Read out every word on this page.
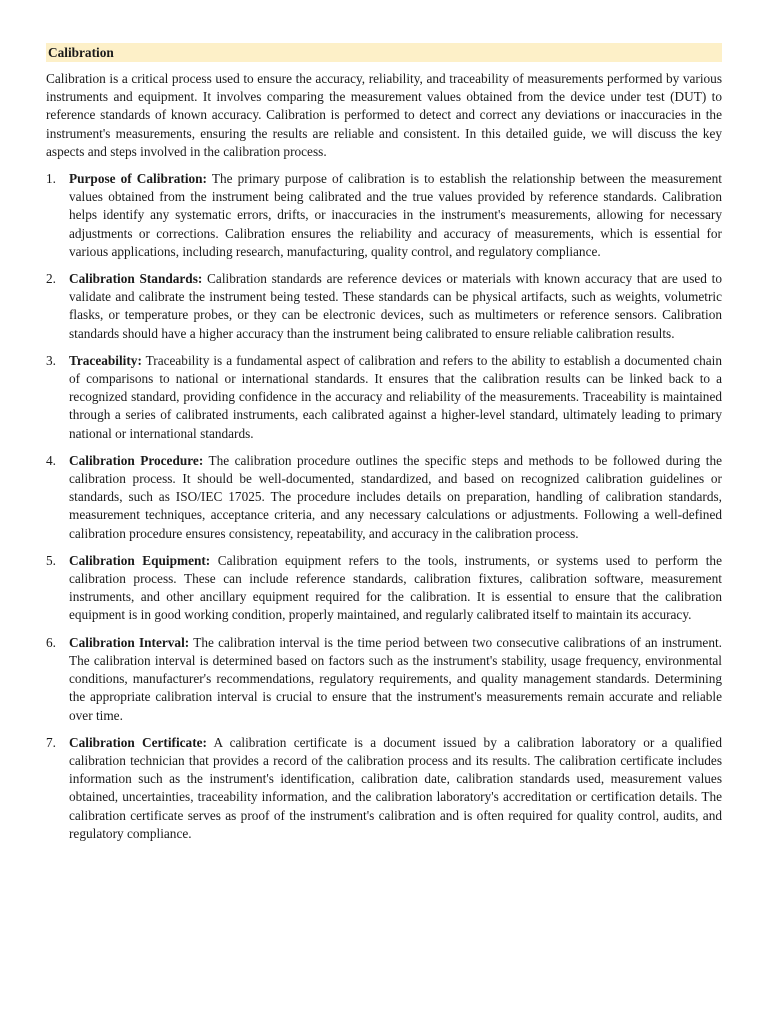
Calibration

Calibration is a critical process used to ensure the accuracy, reliability, and traceability of measurements performed by various instruments and equipment. It involves comparing the measurement values obtained from the device under test (DUT) to reference standards of known accuracy. Calibration is performed to detect and correct any deviations or inaccuracies in the instrument's measurements, ensuring the results are reliable and consistent. In this detailed guide, we will discuss the key aspects and steps involved in the calibration process.

1. Purpose of Calibration: The primary purpose of calibration is to establish the relationship between the measurement values obtained from the instrument being calibrated and the true values provided by reference standards. Calibration helps identify any systematic errors, drifts, or inaccuracies in the instrument's measurements, allowing for necessary adjustments or corrections. Calibration ensures the reliability and accuracy of measurements, which is essential for various applications, including research, manufacturing, quality control, and regulatory compliance.
2. Calibration Standards: Calibration standards are reference devices or materials with known accuracy that are used to validate and calibrate the instrument being tested. These standards can be physical artifacts, such as weights, volumetric flasks, or temperature probes, or they can be electronic devices, such as multimeters or reference sensors. Calibration standards should have a higher accuracy than the instrument being calibrated to ensure reliable calibration results.
3. Traceability: Traceability is a fundamental aspect of calibration and refers to the ability to establish a documented chain of comparisons to national or international standards. It ensures that the calibration results can be linked back to a recognized standard, providing confidence in the accuracy and reliability of the measurements. Traceability is maintained through a series of calibrated instruments, each calibrated against a higher-level standard, ultimately leading to primary national or international standards.
4. Calibration Procedure: The calibration procedure outlines the specific steps and methods to be followed during the calibration process. It should be well-documented, standardized, and based on recognized calibration guidelines or standards, such as ISO/IEC 17025. The procedure includes details on preparation, handling of calibration standards, measurement techniques, acceptance criteria, and any necessary calculations or adjustments. Following a well-defined calibration procedure ensures consistency, repeatability, and accuracy in the calibration process.
5. Calibration Equipment: Calibration equipment refers to the tools, instruments, or systems used to perform the calibration process. These can include reference standards, calibration fixtures, calibration software, measurement instruments, and other ancillary equipment required for the calibration. It is essential to ensure that the calibration equipment is in good working condition, properly maintained, and regularly calibrated itself to maintain its accuracy.
6. Calibration Interval: The calibration interval is the time period between two consecutive calibrations of an instrument. The calibration interval is determined based on factors such as the instrument's stability, usage frequency, environmental conditions, manufacturer's recommendations, regulatory requirements, and quality management standards. Determining the appropriate calibration interval is crucial to ensure that the instrument's measurements remain accurate and reliable over time.
7. Calibration Certificate: A calibration certificate is a document issued by a calibration laboratory or a qualified calibration technician that provides a record of the calibration process and its results. The calibration certificate includes information such as the instrument's identification, calibration date, calibration standards used, measurement values obtained, uncertainties, traceability information, and the calibration laboratory's accreditation or certification details. The calibration certificate serves as proof of the instrument's calibration and is often required for quality control, audits, and regulatory compliance.
